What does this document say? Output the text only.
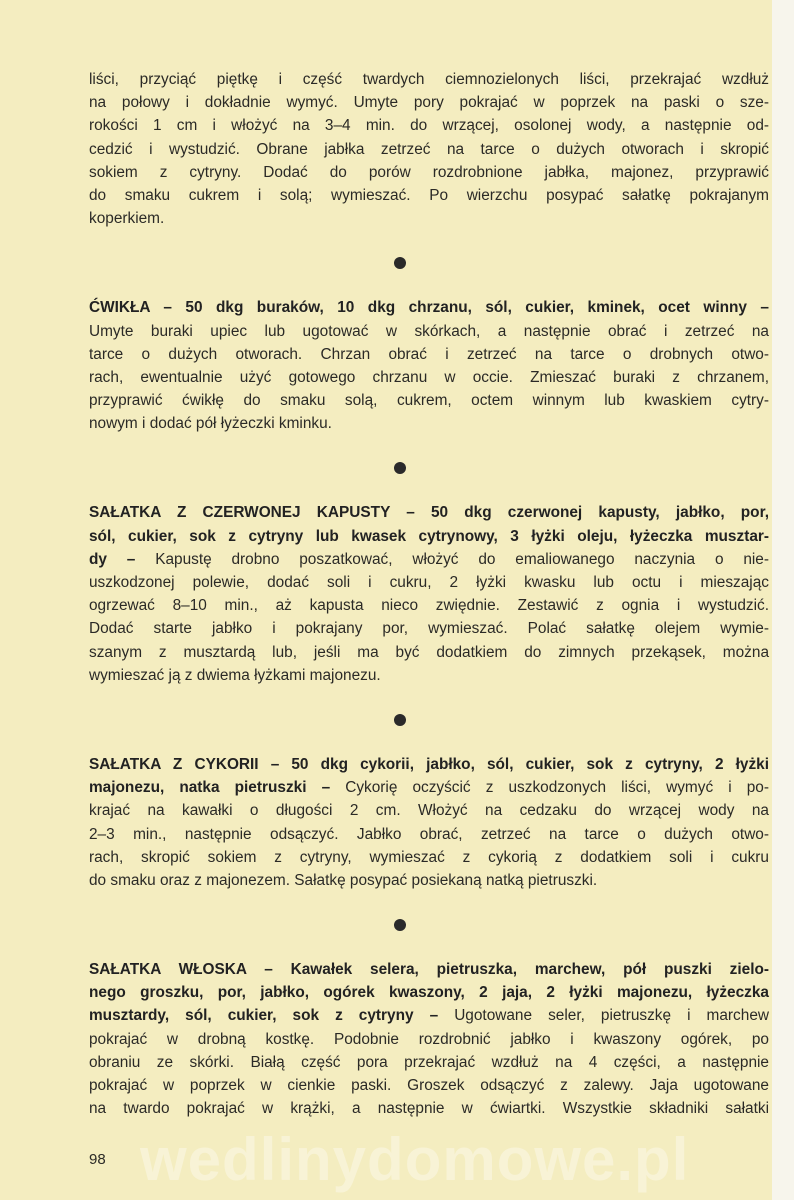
liści, przyciąć piętkę i część twardych ciemnozielonych liści, przekrajać wzdłuż
na połowy i dokładnie wymyć. Umyte pory pokrajać w poprzek na paski o sze-
rokości 1 cm i włożyć na 3–4 min. do wrzącej, osolonej wody, a następnie od-
cedzić i wystudzić. Obrane jabłka zetrzeć na tarce o dużych otworach i skropić
sokiem z cytryny. Dodać do porów rozdrobnione jabłka, majonez, przyprawić
do smaku cukrem i solą; wymieszać. Po wierzchu posypać sałatkę pokrajanym
koperkiem.
ĆWIKŁA – 50 dkg buraków, 10 dkg chrzanu, sól, cukier, kminek, ocet winny –
Umyte buraki upiec lub ugotować w skórkach, a następnie obrać i zetrzeć na
tarce o dużych otworach. Chrzan obrać i zetrzeć na tarce o drobnych otwo-
rach, ewentualnie użyć gotowego chrzanu w occie. Zmieszać buraki z chrzanem,
przyprawić ćwikłę do smaku solą, cukrem, octem winnym lub kwaskiem cytry-
nowym i dodać pół łyżeczki kminku.
SAŁATKA Z CZERWONEJ KAPUSTY – 50 dkg czerwonej kapusty, jabłko, por,
sól, cukier, sok z cytryny lub kwasek cytrynowy, 3 łyżki oleju, łyżeczka musztar-
dy – Kapustę drobno poszatkować, włożyć do emaliowanego naczynia o nie-
uszkodzonej polewie, dodać soli i cukru, 2 łyżki kwasku lub octu i mieszając
ogrzewać 8–10 min., aż kapusta nieco zwiędnie. Zestawić z ognia i wystudzić.
Dodać starte jabłko i pokrajany por, wymieszać. Polać sałatkę olejem wymie-
szanym z musztardą lub, jeśli ma być dodatkiem do zimnych przekąsek, można
wymieszać ją z dwiema łyżkami majonezu.
SAŁATKA Z CYKORII – 50 dkg cykorii, jabłko, sól, cukier, sok z cytryny, 2 łyżki
majonezu, natka pietruszki – Cykorię oczyścić z uszkodzonych liści, wymyć i po-
krajać na kawałki o długości 2 cm. Włożyć na cedzaku do wrzącej wody na
2–3 min., następnie odsączyć. Jabłko obrać, zetrzeć na tarce o dużych otwo-
rach, skropić sokiem z cytryny, wymieszać z cykorią z dodatkiem soli i cukru
do smaku oraz z majonezem. Sałatkę posypać posiekaną natką pietruszki.
SAŁATKA WŁOSKA – Kawałek selera, pietruszka, marchew, pół puszki zielo-
nego groszku, por, jabłko, ogórek kwaszony, 2 jaja, 2 łyżki majonezu, łyżeczka
musztardy, sól, cukier, sok z cytryny – Ugotowane seler, pietruszkę i marchew
pokrajać w drobną kostkę. Podobnie rozdrobnić jabłko i kwaszony ogórek, po
obraniu ze skórki. Białą część pora przekrajać wzdłuż na 4 części, a następnie
pokrajać w poprzek w cienkie paski. Groszek odsączyć z zalewy. Jaja ugotowane
na twardo pokrajać w krążki, a następnie w ćwiartki. Wszystkie składniki sałatki
wedlinydomowe.pl
98
